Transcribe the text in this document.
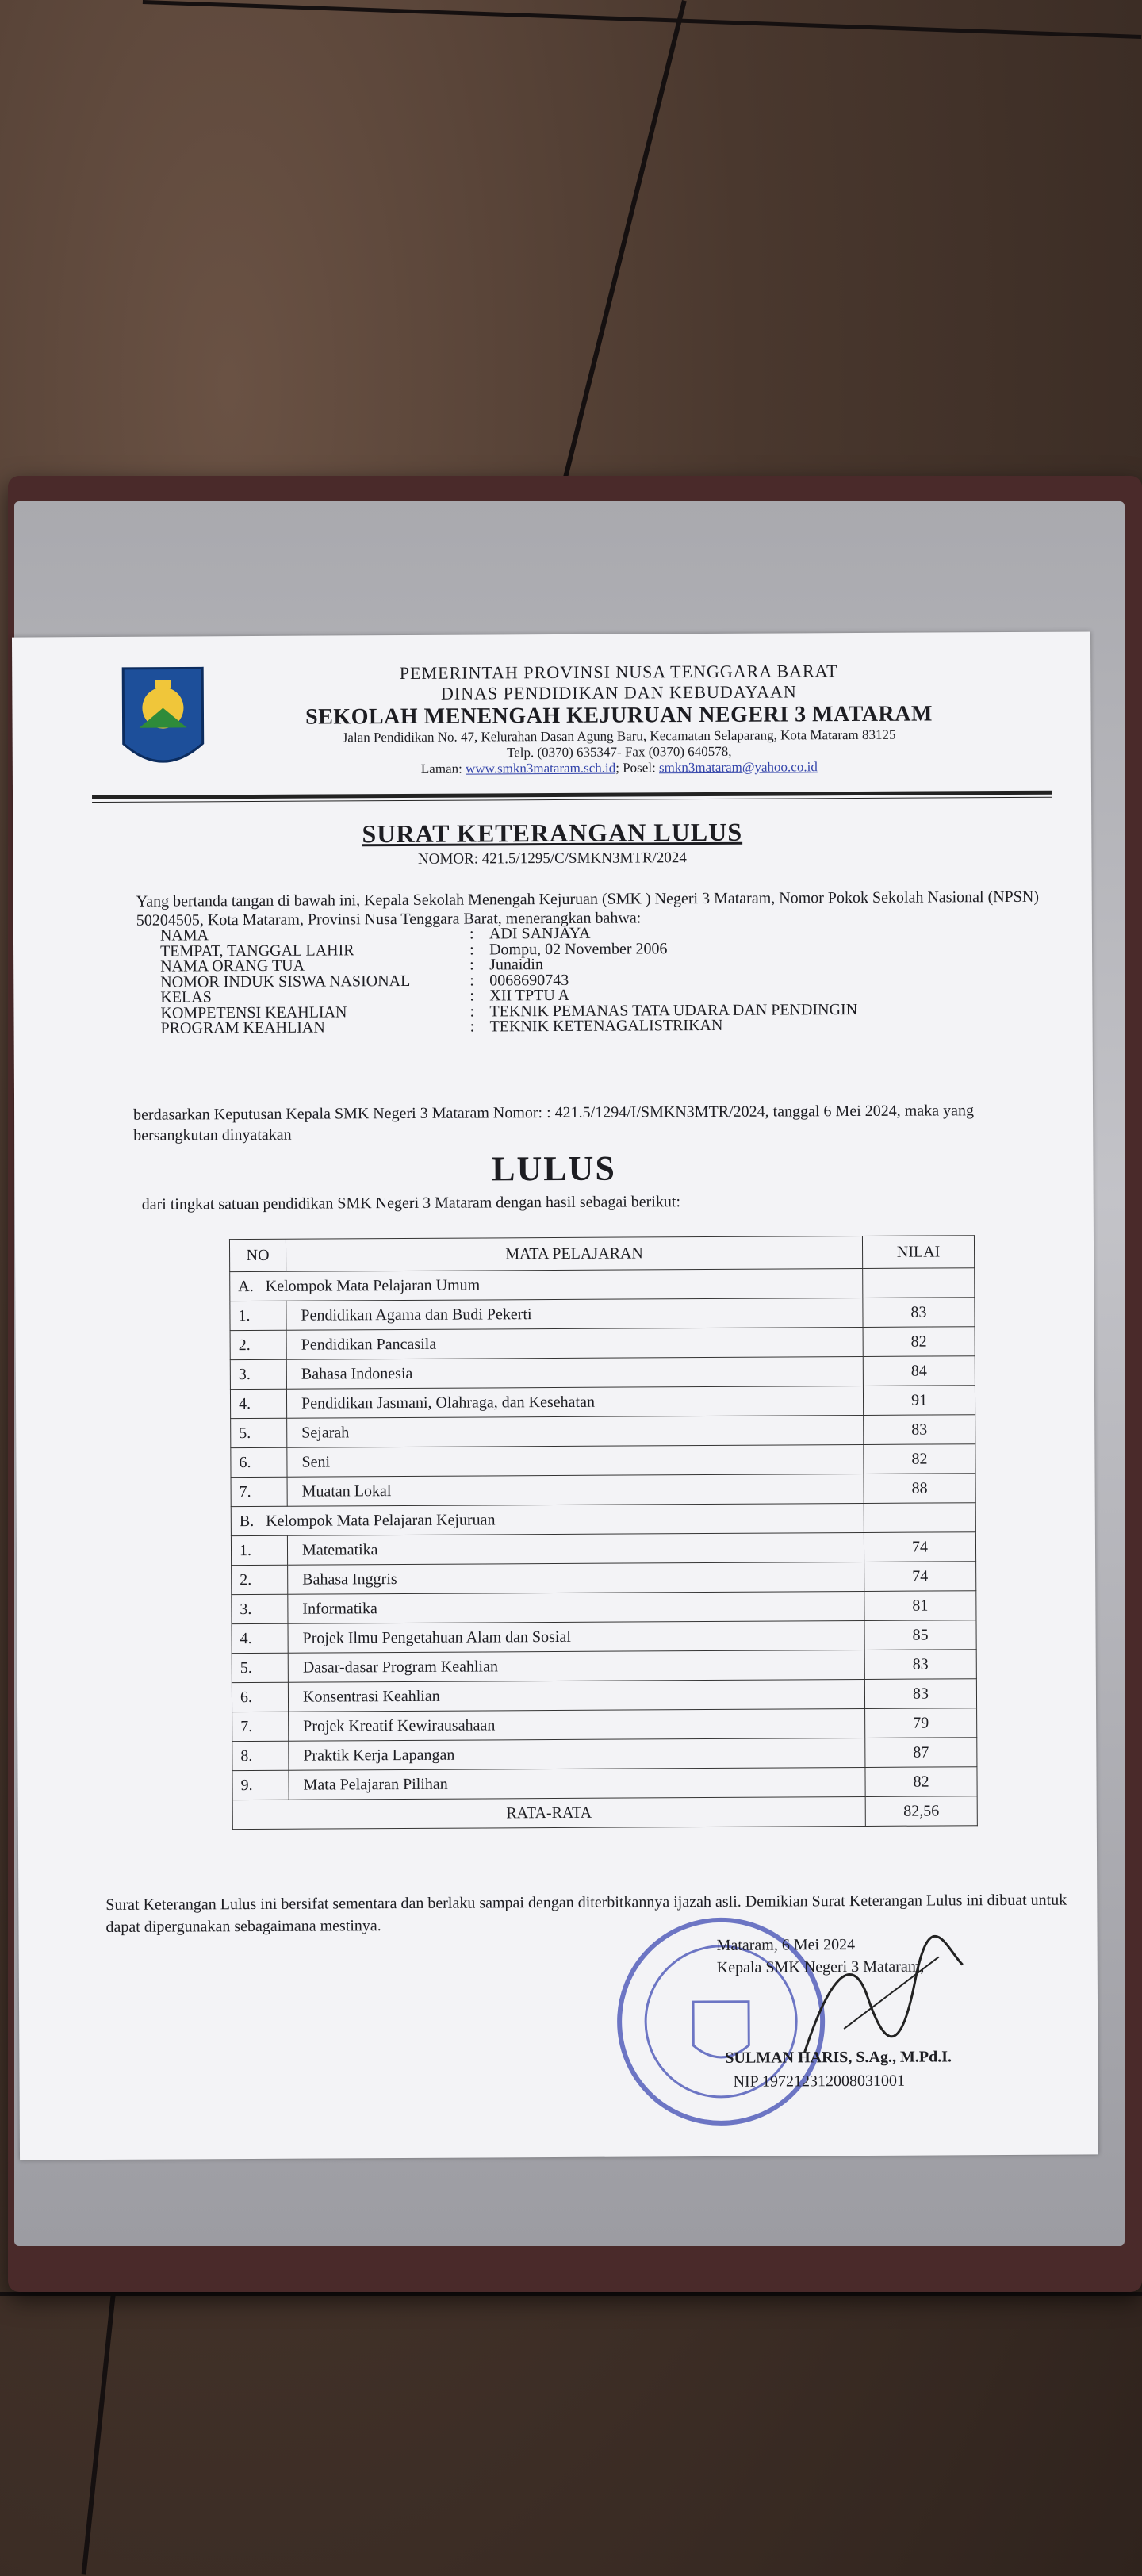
PEMERINTAH PROVINSI NUSA TENGGARA BARAT
DINAS PENDIDIKAN DAN KEBUDAYAAN
SEKOLAH MENENGAH KEJURUAN NEGERI 3 MATARAM
Jalan Pendidikan No. 47, Kelurahan Dasan Agung Baru, Kecamatan Selaparang, Kota Mataram 83125
Telp. (0370) 635347- Fax (0370) 640578,
Laman: www.smkn3mataram.sch.id; Posel: smkn3mataram@yahoo.co.id
SURAT KETERANGAN LULUS
NOMOR: 421.5/1295/C/SMKN3MTR/2024
Yang bertanda tangan di bawah ini, Kepala Sekolah Menengah Kejuruan (SMK ) Negeri 3 Mataram, Nomor Pokok Sekolah Nasional (NPSN) 50204505, Kota Mataram, Provinsi Nusa Tenggara Barat, menerangkan bahwa:
NAMA	: ADI SANJAYA
TEMPAT, TANGGAL LAHIR	: Dompu, 02 November 2006
NAMA ORANG TUA	: Junaidin
NOMOR INDUK SISWA NASIONAL	: 0068690743
KELAS	: XII TPTU A
KOMPETENSI KEAHLIAN	: TEKNIK PEMANAS TATA UDARA DAN PENDINGIN
PROGRAM KEAHLIAN	: TEKNIK KETENAGALISTRIKAN
berdasarkan Keputusan Kepala SMK Negeri 3 Mataram Nomor: : 421.5/1294/I/SMKN3MTR/2024, tanggal 6 Mei 2024, maka yang bersangkutan dinyatakan
LULUS
dari tingkat satuan pendidikan SMK Negeri 3 Mataram dengan hasil sebagai berikut:
NO	MATA PELAJARAN	NILAI
A. Kelompok Mata Pelajaran Umum		
1.	Pendidikan Agama dan Budi Pekerti	83
2.	Pendidikan Pancasila	82
3.	Bahasa Indonesia	84
4.	Pendidikan Jasmani, Olahraga, dan Kesehatan	91
5.	Sejarah	83
6.	Seni	82
7.	Muatan Lokal	88
B. Kelompok Mata Pelajaran Kejuruan		
1.	Matematika	74
2.	Bahasa Inggris	74
3.	Informatika	81
4.	Projek Ilmu Pengetahuan Alam dan Sosial	85
5.	Dasar-dasar Program Keahlian	83
6.	Konsentrasi Keahlian	83
7.	Projek Kreatif Kewirausahaan	79
8.	Praktik Kerja Lapangan	87
9.	Mata Pelajaran Pilihan	82
RATA-RATA		82,56
Surat Keterangan Lulus ini bersifat sementara dan berlaku sampai dengan diterbitkannya ijazah asli. Demikian Surat Keterangan Lulus ini dibuat untuk dapat dipergunakan sebagaimana mestinya.
Mataram, 6 Mei 2024
Kepala SMK Negeri 3 Mataram,
SULMAN HARIS, S.Ag., M.Pd.I.
NIP 197212312008031001
